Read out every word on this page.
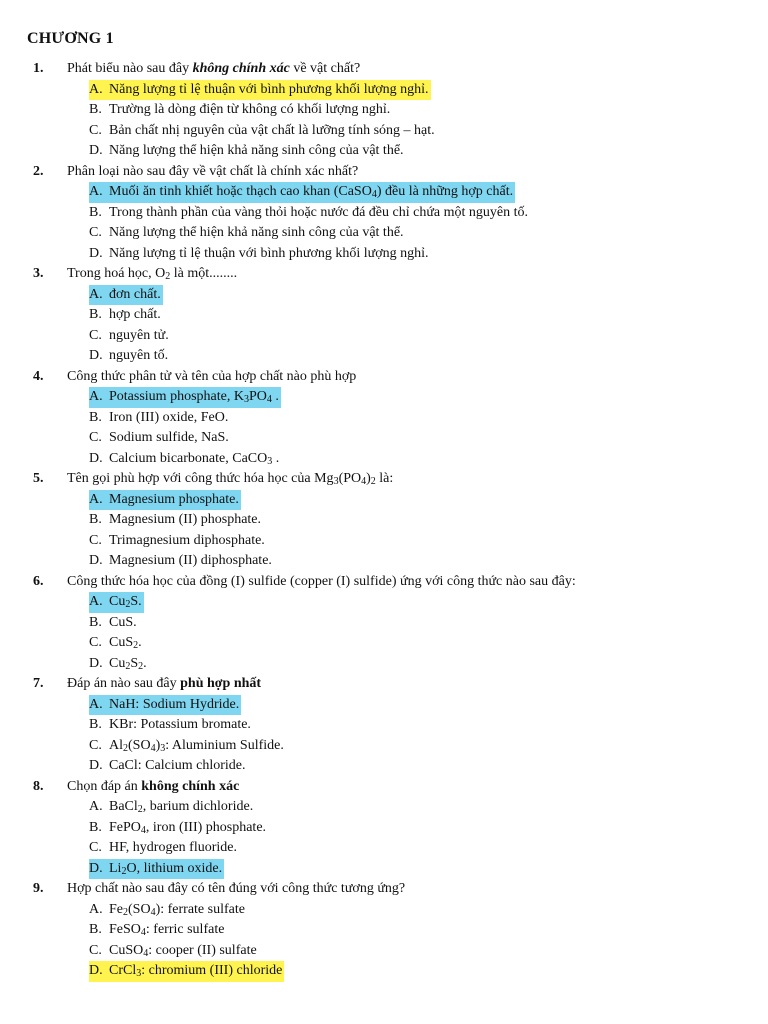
CHƯƠNG 1
1. Phát biểu nào sau đây không chính xác về vật chất?
A. Năng lượng tỉ lệ thuận với bình phương khối lượng nghỉ.
B. Trường là dòng điện từ không có khối lượng nghỉ.
C. Bản chất nhị nguyên của vật chất là lưỡng tính sóng – hạt.
D. Năng lượng thể hiện khả năng sinh công của vật thể.
2. Phân loại nào sau đây về vật chất là chính xác nhất?
A. Muối ăn tinh khiết hoặc thạch cao khan (CaSO$_4$) đều là những hợp chất.
B. Trong thành phần của vàng thỏi hoặc nước đá đều chỉ chứa một nguyên tố.
C. Năng lượng thể hiện khả năng sinh công của vật thể.
D. Năng lượng tỉ lệ thuận với bình phương khối lượng nghỉ.
3. Trong hoá học, $O_2$ là một........
A. đơn chất.
B. hợp chất.
C. nguyên tử.
D. nguyên tố.
4. Công thức phân tử và tên của hợp chất nào phù hợp
A. Potassium phosphate, $K_3PO_4$ .
B. Iron (III) oxide, FeO.
C. Sodium sulfide, NaS.
D. Calcium bicarbonate, CaCO$_3$ .
5. Tên gọi phù hợp với công thức hóa học của $Mg_3(PO_4)_2$ là:
A. Magnesium phosphate.
B. Magnesium (II) phosphate.
C. Trimagnesium diphosphate.
D. Magnesium (II) diphosphate.
6. Công thức hóa học của đồng (I) sulfide (copper (I) sulfide) ứng với công thức nào sau đây:
A. $Cu_2S$.
B. CuS.
C. CuS$_2$.
D. $Cu_2S_2$.
7. Đáp án nào sau đây phù hợp nhất
A. NaH: Sodium Hydride.
B. KBr: Potassium bromate.
C. $Al_2(SO_4)_3$: Aluminium Sulfide.
D. CaCl: Calcium chloride.
8. Chọn đáp án không chính xác
A. BaCl$_2$, barium dichloride.
B. FePO$_4$, iron (III) phosphate.
C. HF, hydrogen fluoride.
D. $Li_2O$, lithium oxide.
9. Hợp chất nào sau đây có tên đúng với công thức tương ứng?
A. $Fe_2(SO_4)$: ferrate sulfate
B. FeSO$_4$: ferric sulfate
C. CuSO$_4$: cooper (II) sulfate
D. CrCl$_3$: chromium (III) chloride
